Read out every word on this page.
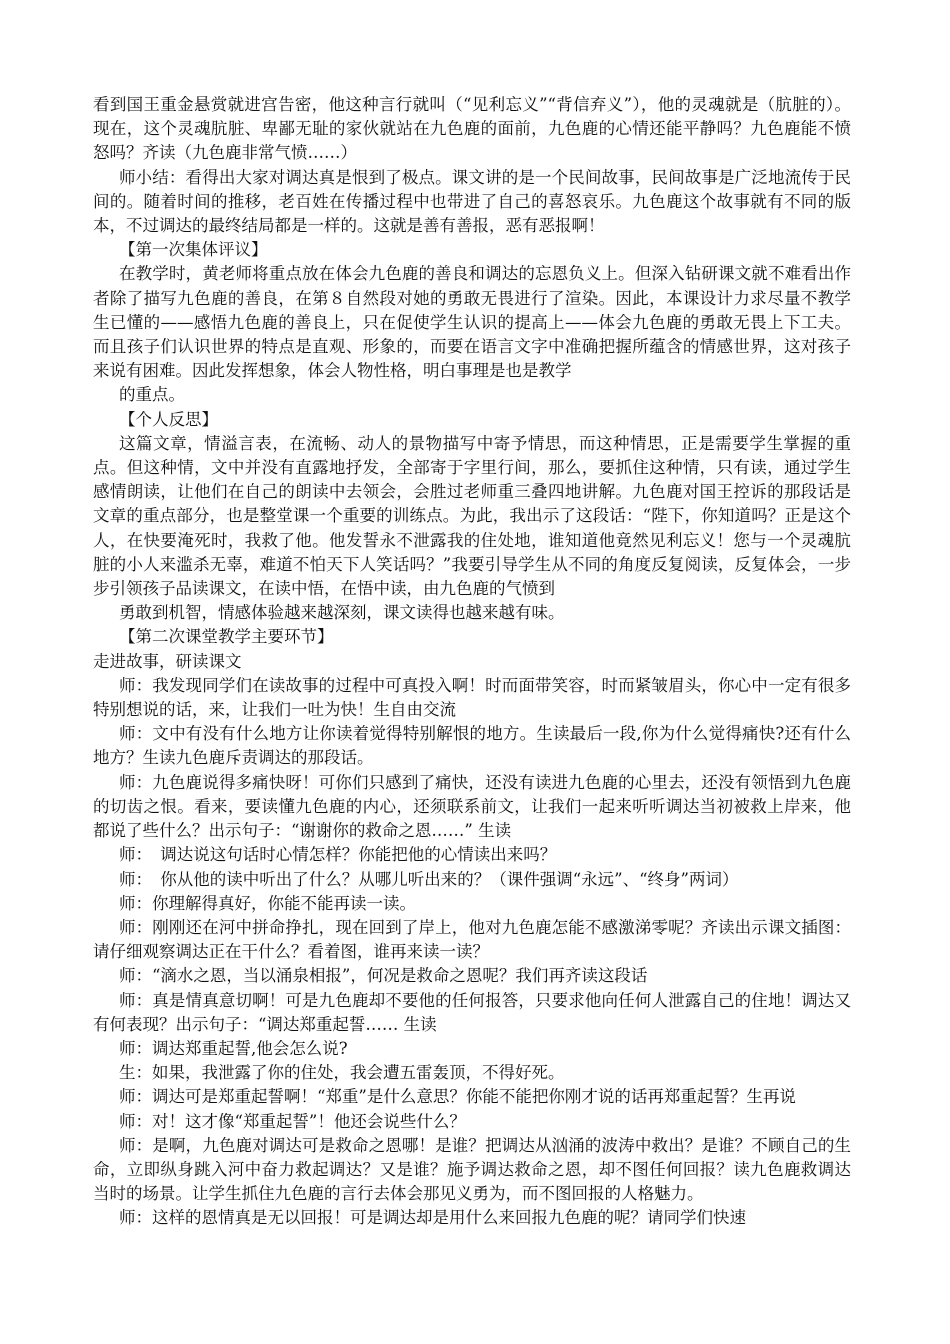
看到国王重金悬赏就进宫告密，他这种言行就叫（“见利忘义”“背信弃义”），他的灵魂就是（肮脏的）。现在，这个灵魂肮脏、卑鄙无耻的家伙就站在九色鹿的面前，九色鹿的心情还能平静吗？九色鹿能不愤怒吗？齐读（九色鹿非常气愤……）

师小结：看得出大家对调达真是恨到了极点。课文讲的是一个民间故事，民间故事是广泛地流传于民间的。随着时间的推移，老百姓在传播过程中也带进了自己的喜怒哀乐。九色鹿这个故事就有不同的版本，不过调达的最终结局都是一样的。这就是善有善报，恶有恶报啊！

【第一次集体评议】

在教学时，黄老师将重点放在体会九色鹿的善良和调达的忘恩负义上。但深入钻研课文就不难看出作者除了描写九色鹿的善良，在第８自然段对她的勇敢无畏进行了渲染。因此，本课设计力求尽量不教学生已懂的——感悟九色鹿的善良上，只在促使学生认识的提高上——体会九色鹿的勇敢无畏上下工夫。而且孩子们认识世界的特点是直观、形象的，而要在语言文字中准确把握所蕴含的情感世界，这对孩子来说有困难。因此发挥想象，体会人物性格，明白事理是也是教学

的重点。

【个人反思】

这篇文章，情溢言表，在流畅、动人的景物描写中寄予情思，而这种情思，正是需要学生掌握的重点。但这种情，文中并没有直露地抒发，全部寄于字里行间，那么，要抓住这种情，只有读，通过学生感情朗读，让他们在自己的朗读中去领会，会胜过老师重三叠四地讲解。九色鹿对国王控诉的那段话是文章的重点部分，也是整堂课一个重要的训练点。为此，我出示了这段话：“陛下，你知道吗？正是这个人，在快要淹死时，我救了他。他发誓永不泄露我的住处地，谁知道他竟然见利忘义！您与一个灵魂肮脏的小人来滥杀无辜，难道不怕天下人笑话吗？”我要引导学生从不同的角度反复阅读，反复体会，一步步引领孩子品读课文，在读中悟，在悟中读，由九色鹿的气愤到

勇敢到机智，情感体验越来越深刻，课文读得也越来越有味。

【第二次课堂教学主要环节】

走进故事，研读课文

师：我发现同学们在读故事的过程中可真投入啊！时而面带笑容，时而紧皱眉头，你心中一定有很多特别想说的话，来，让我们一吐为快！生自由交流

师：文中有没有什么地方让你读着觉得特别解恨的地方。生读最后一段,你为什么觉得痛快?还有什么地方？生读九色鹿斥责调达的那段话。

师：九色鹿说得多痛快呀！可你们只感到了痛快，还没有读进九色鹿的心里去，还没有领悟到九色鹿的切齿之恨。看来，要读懂九色鹿的内心，还须联系前文，让我们一起来听听调达当初被救上岸来，他都说了些什么？出示句子：“谢谢你的救命之恩……” 生读

师：　调达说这句话时心情怎样？你能把他的心情读出来吗？

师：　你从他的读中听出了什么？从哪儿听出来的？（课件强调“永远”、“终身”两词）

师：你理解得真好，你能不能再读一读。

师：刚刚还在河中拼命挣扎，现在回到了岸上，他对九色鹿怎能不感激涕零呢？齐读出示课文插图：请仔细观察调达正在干什么？看着图，谁再来读一读？

师：“滴水之恩，当以涌泉相报”，何况是救命之恩呢？我们再齐读这段话

师：真是情真意切啊！可是九色鹿却不要他的任何报答，只要求他向任何人泄露自己的住地！调达又有何表现？出示句子：“调达郑重起誓…… 生读

师：调达郑重起誓,他会怎么说?

生：如果，我泄露了你的住处，我会遭五雷轰顶，不得好死。

师：调达可是郑重起誓啊！“郑重”是什么意思？你能不能把你刚才说的话再郑重起誓？生再说

师：对！这才像“郑重起誓”！他还会说些什么？

师：是啊，九色鹿对调达可是救命之恩哪！是谁？把调达从汹涌的波涛中救出？是谁？不顾自己的生命，立即纵身跳入河中奋力救起调达？又是谁？施予调达救命之恩，却不图任何回报？读九色鹿救调达当时的场景。让学生抓住九色鹿的言行去体会那见义勇为，而不图回报的人格魅力。

师：这样的恩情真是无以回报！可是调达却是用什么来回报九色鹿的呢？请同学们快速
